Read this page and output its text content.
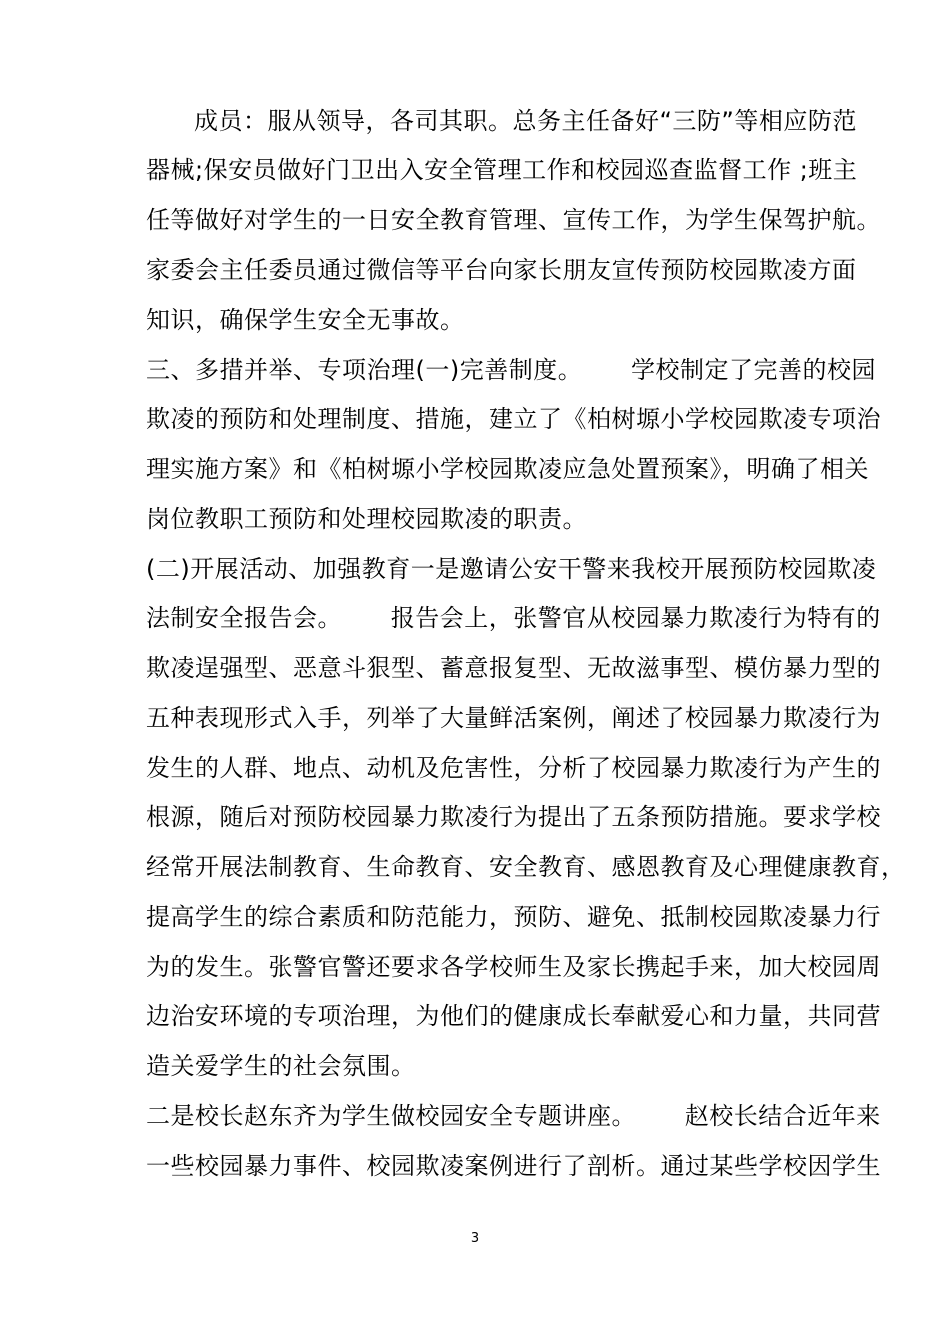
成员：服从领导，各司其职。总务主任备好“三防”等相应防范
器械;保安员做好门卫出入安全管理工作和校园巡查监督工作 ;班主
任等做好对学生的一日安全教育管理、宣传工作，为学生保驾护航。
家委会主任委员通过微信等平台向家长朋友宣传预防校园欺凌方面
知识，确保学生安全无事故。
三、多措并举、专项治理(一)完善制度。      学校制定了完善的校园
欺凌的预防和处理制度、措施，建立了《柏树塬小学校园欺凌专项治
理实施方案》和《柏树塬小学校园欺凌应急处置预案》，明确了相关
岗位教职工预防和处理校园欺凌的职责。
(二)开展活动、加强教育一是邀请公安干警来我校开展预防校园欺凌
法制安全报告会。      报告会上，张警官从校园暴力欺凌行为特有的
欺凌逞强型、恶意斗狠型、蓄意报复型、无故滋事型、模仿暴力型的
五种表现形式入手，列举了大量鲜活案例，阐述了校园暴力欺凌行为
发生的人群、地点、动机及危害性，分析了校园暴力欺凌行为产生的
根源，随后对预防校园暴力欺凌行为提出了五条预防措施。要求学校
经常开展法制教育、生命教育、安全教育、感恩教育及心理健康教育，
提高学生的综合素质和防范能力，预防、避免、抵制校园欺凌暴力行
为的发生。张警官警还要求各学校师生及家长携起手来，加大校园周
边治安环境的专项治理，为他们的健康成长奉献爱心和力量，共同营
造关爱学生的社会氛围。
二是校长赵东齐为学生做校园安全专题讲座。      赵校长结合近年来
一些校园暴力事件、校园欺凌案例进行了剖析。通过某些学校因学生
3
